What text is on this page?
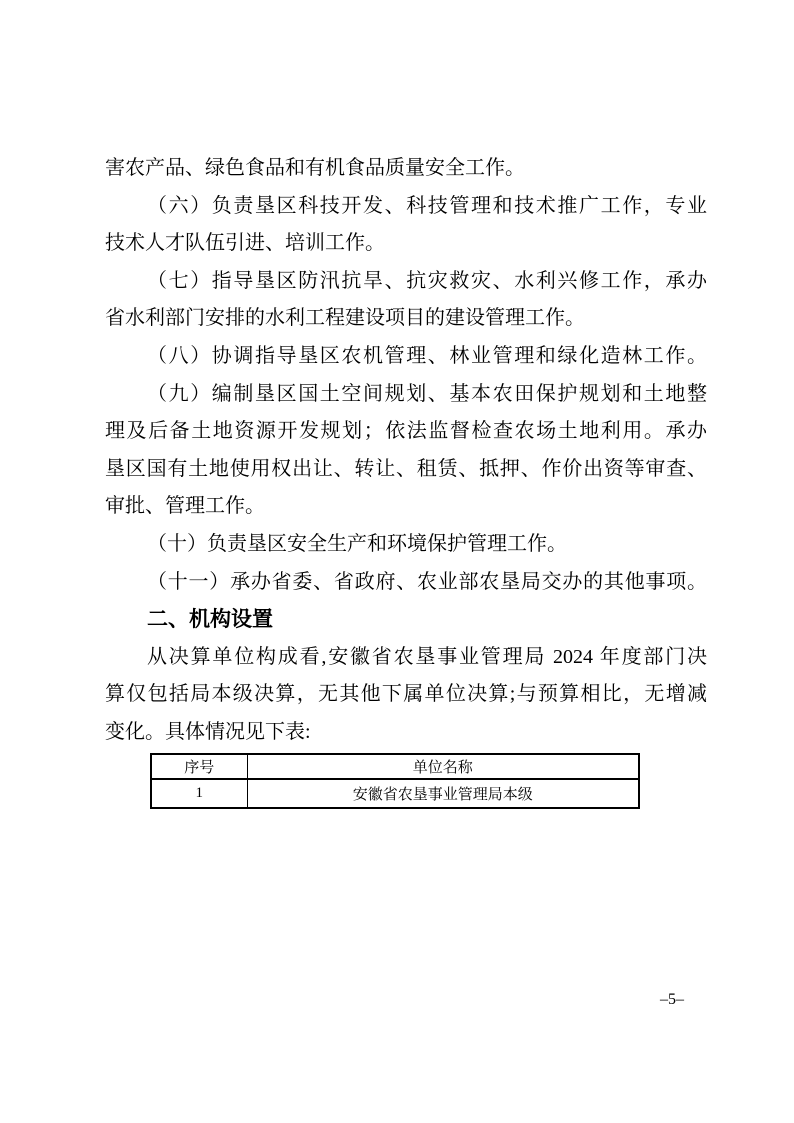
害农产品、绿色食品和有机食品质量安全工作。
（六）负责垦区科技开发、科技管理和技术推广工作，专业
技术人才队伍引进、培训工作。
（七）指导垦区防汛抗旱、抗灾救灾、水利兴修工作，承办
省水利部门安排的水利工程建设项目的建设管理工作。
（八）协调指导垦区农机管理、林业管理和绿化造林工作。
（九）编制垦区国土空间规划、基本农田保护规划和土地整
理及后备土地资源开发规划；依法监督检查农场土地利用。承办
垦区国有土地使用权出让、转让、租赁、抵押、作价出资等审查、
审批、管理工作。
（十）负责垦区安全生产和环境保护管理工作。
（十一）承办省委、省政府、农业部农垦局交办的其他事项。
二、机构设置
从决算单位构成看,安徽省农垦事业管理局 2024 年度部门决
算仅包括局本级决算，无其他下属单位决算;与预算相比，无增减
变化。具体情况见下表:
序号	单位名称
1	安徽省农垦事业管理局本级
–5–
